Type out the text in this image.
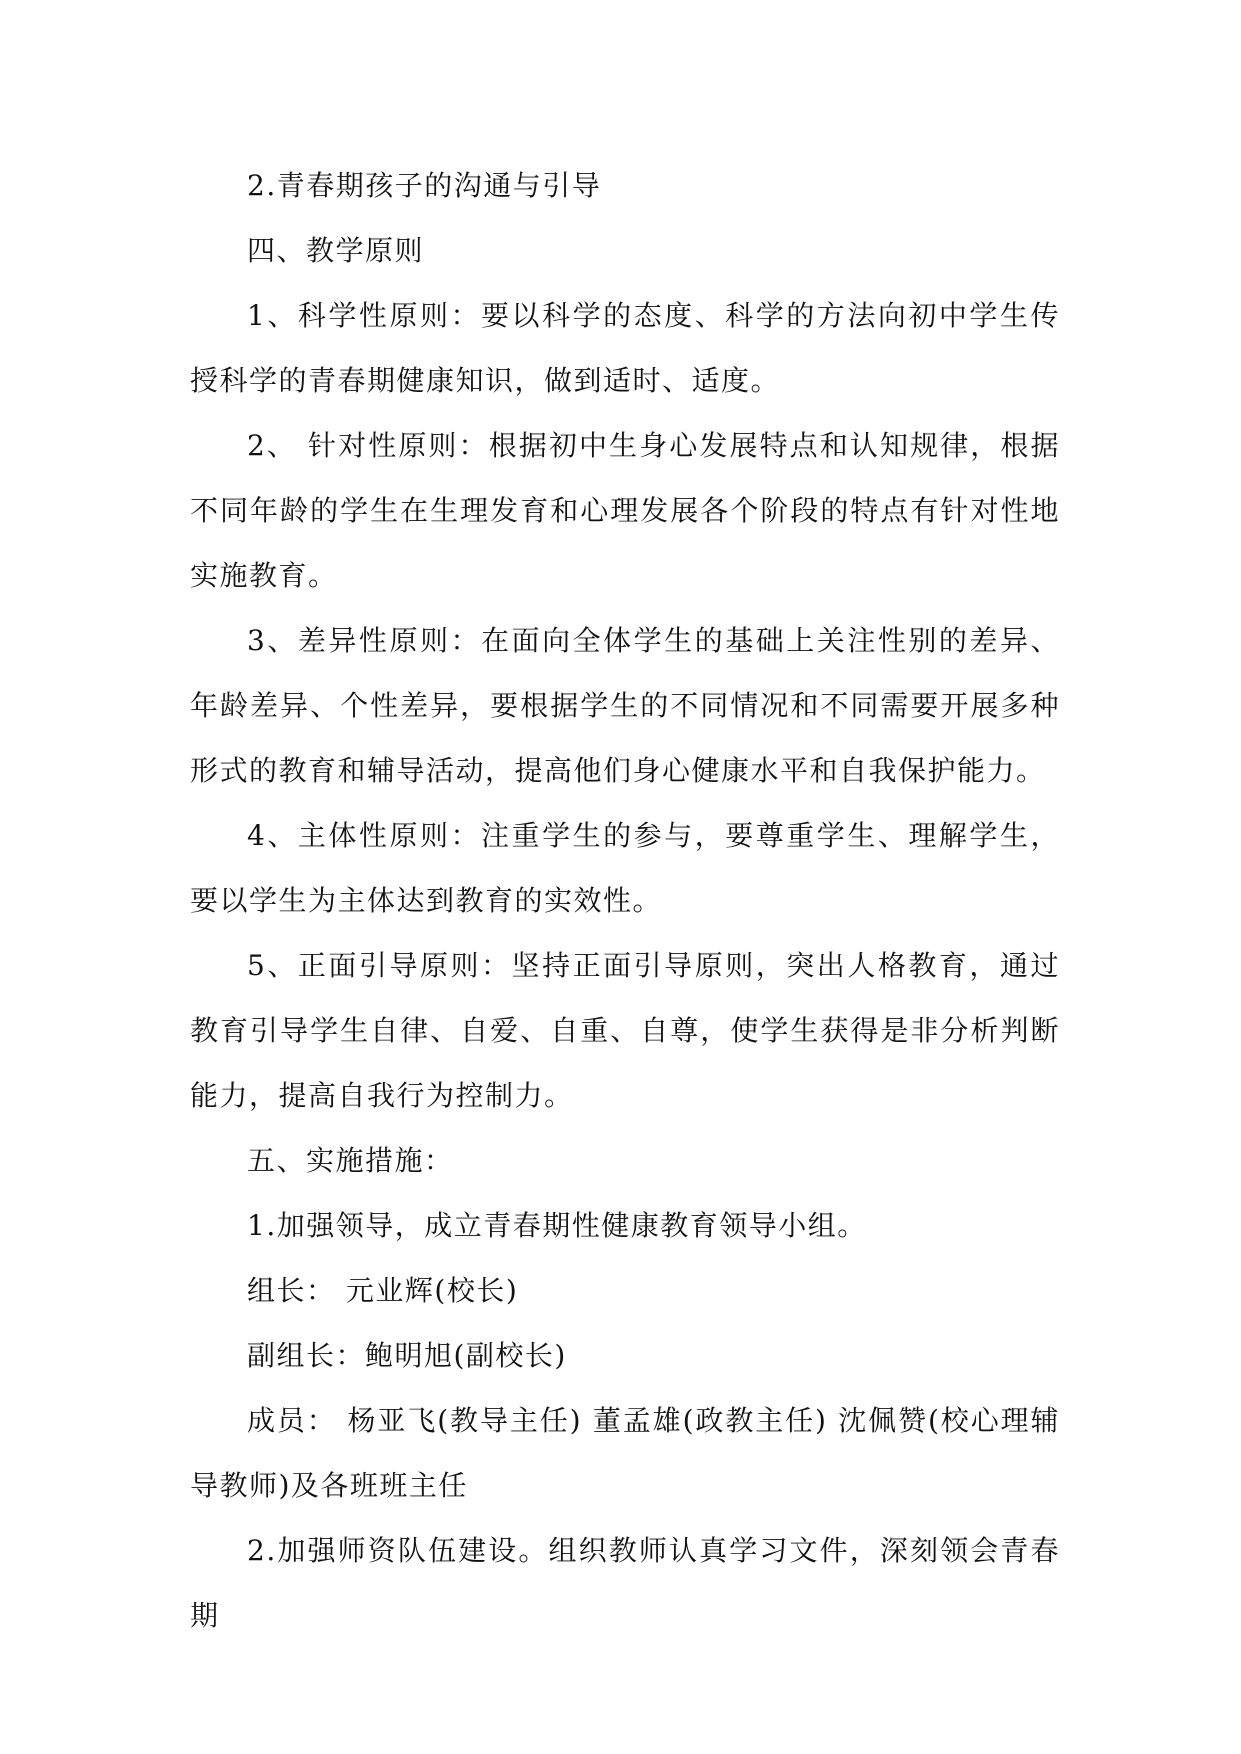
2.青春期孩子的沟通与引导

四、教学原则

1、科学性原则：要以科学的态度、科学的方法向初中学生传授科学的青春期健康知识，做到适时、适度。

2、 针对性原则：根据初中生身心发展特点和认知规律，根据不同年龄的学生在生理发育和心理发展各个阶段的特点有针对性地实施教育。

3、差异性原则：在面向全体学生的基础上关注性别的差异、年龄差异、个性差异，要根据学生的不同情况和不同需要开展多种形式的教育和辅导活动，提高他们身心健康水平和自我保护能力。

4、主体性原则：注重学生的参与，要尊重学生、理解学生，要以学生为主体达到教育的实效性。

5、正面引导原则：坚持正面引导原则，突出人格教育，通过教育引导学生自律、自爱、自重、自尊，使学生获得是非分析判断能力，提高自我行为控制力。

五、实施措施：

1.加强领导，成立青春期性健康教育领导小组。

组长： 元业辉(校长)

副组长：鲍明旭(副校长)

成员： 杨亚飞(教导主任) 董孟雄(政教主任) 沈佩赞(校心理辅导教师)及各班班主任

2.加强师资队伍建设。组织教师认真学习文件，深刻领会青春期
